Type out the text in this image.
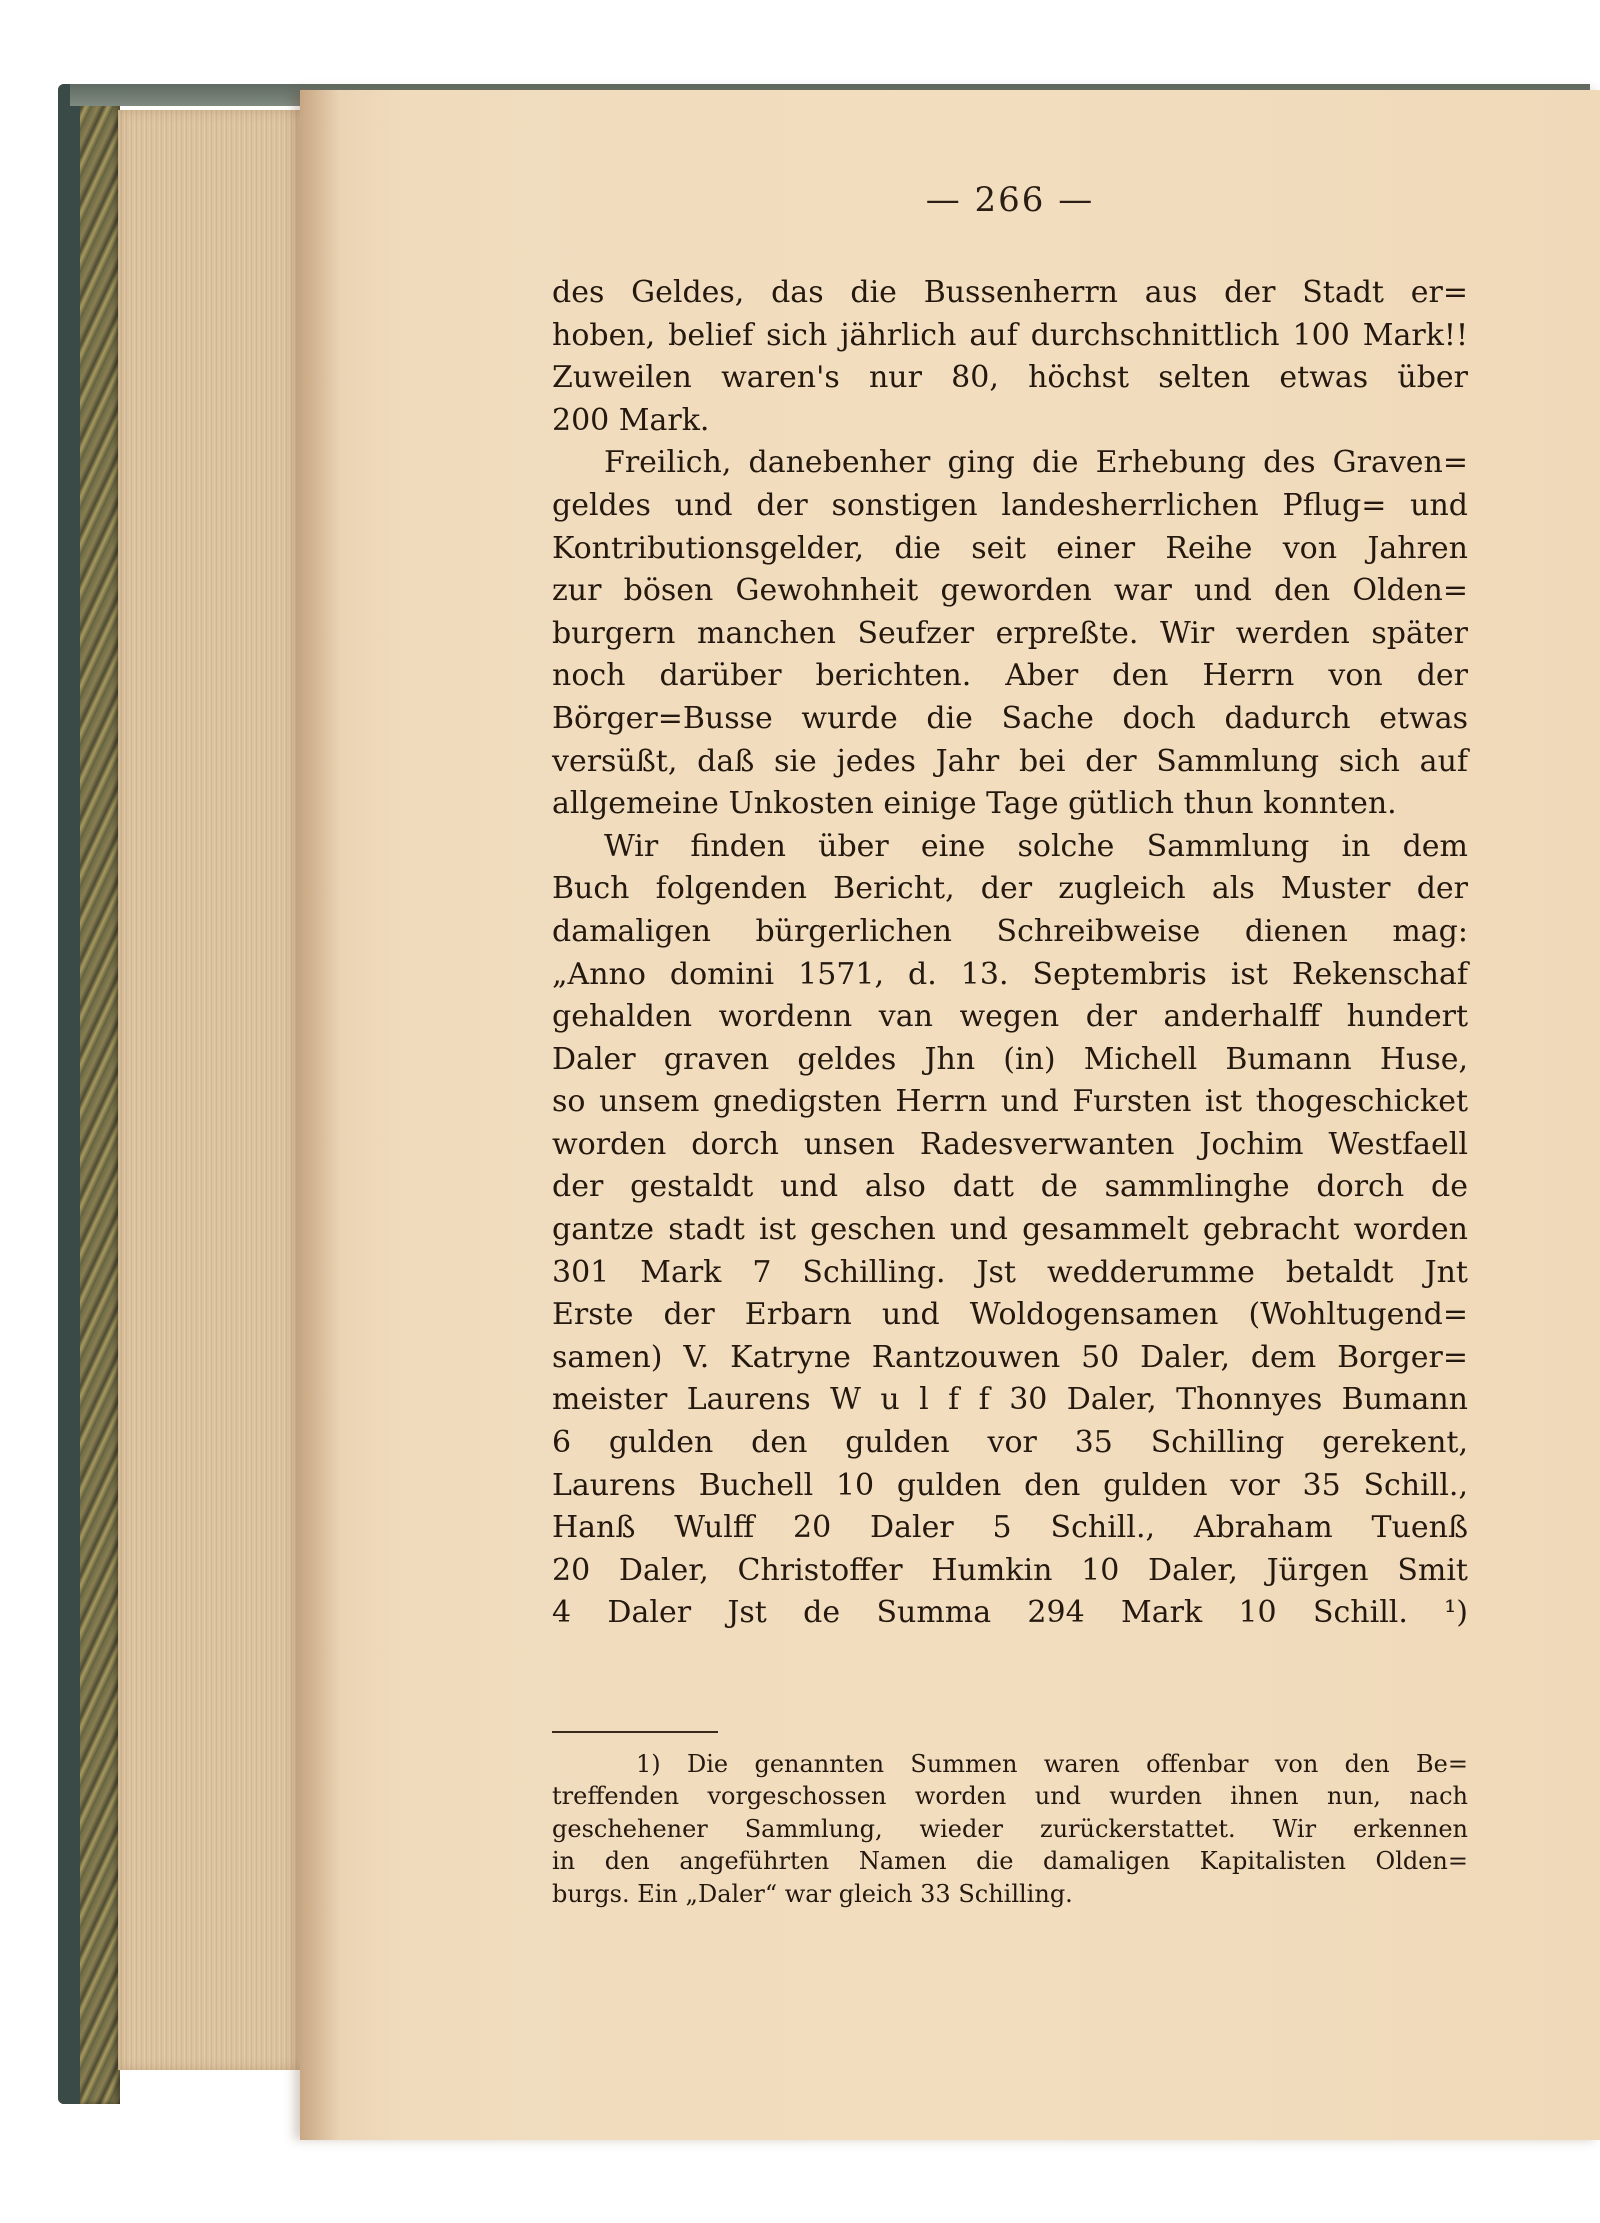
— 266 —
des Geldes, das die Bussenherrn aus der Stadt er=
hoben, belief sich jährlich auf durchschnittlich 100 Mark!!
Zuweilen waren's nur 80, höchst selten etwas über
200 Mark.
Freilich, danebenher ging die Erhebung des Graven=
geldes und der sonstigen landesherrlichen Pflug= und
Kontributionsgelder, die seit einer Reihe von Jahren
zur bösen Gewohnheit geworden war und den Olden=
burgern manchen Seufzer erpreßte. Wir werden später
noch darüber berichten. Aber den Herrn von der
Börger=Busse wurde die Sache doch dadurch etwas
versüßt, daß sie jedes Jahr bei der Sammlung sich auf
allgemeine Unkosten einige Tage gütlich thun konnten.
Wir finden über eine solche Sammlung in dem
Buch folgenden Bericht, der zugleich als Muster der
damaligen bürgerlichen Schreibweise dienen mag:
„Anno domini 1571, d. 13. Septembris ist Rekenschaf
gehalden wordenn van wegen der anderhalff hundert
Daler graven geldes Jhn (in) Michell Bumann Huse,
so unsem gnedigsten Herrn und Fursten ist thogeschicket
worden dorch unsen Radesverwanten Jochim Westfaell
der gestaldt und also datt de sammlinghe dorch de
gantze stadt ist geschen und gesammelt gebracht worden
301 Mark 7 Schilling. Jst wedderumme betaldt Jnt
Erste der Erbarn und Woldogensamen (Wohltugend=
samen) V. Katryne Rantzouwen 50 Daler, dem Borger=
meister Laurens W u l f f 30 Daler, Thonnyes Bumann
6 gulden den gulden vor 35 Schilling gerekent,
Laurens Buchell 10 gulden den gulden vor 35 Schill.,
Hanß Wulff 20 Daler 5 Schill., Abraham Tuenß
20 Daler, Christoffer Humkin 10 Daler, Jürgen Smit
4 Daler Jst de Summa 294 Mark 10 Schill. ¹)
1) Die genannten Summen waren offenbar von den Be=
treffenden vorgeschossen worden und wurden ihnen nun, nach
geschehener Sammlung, wieder zurückerstattet. Wir erkennen
in den angeführten Namen die damaligen Kapitalisten Olden=
burgs. Ein „Daler“ war gleich 33 Schilling.
